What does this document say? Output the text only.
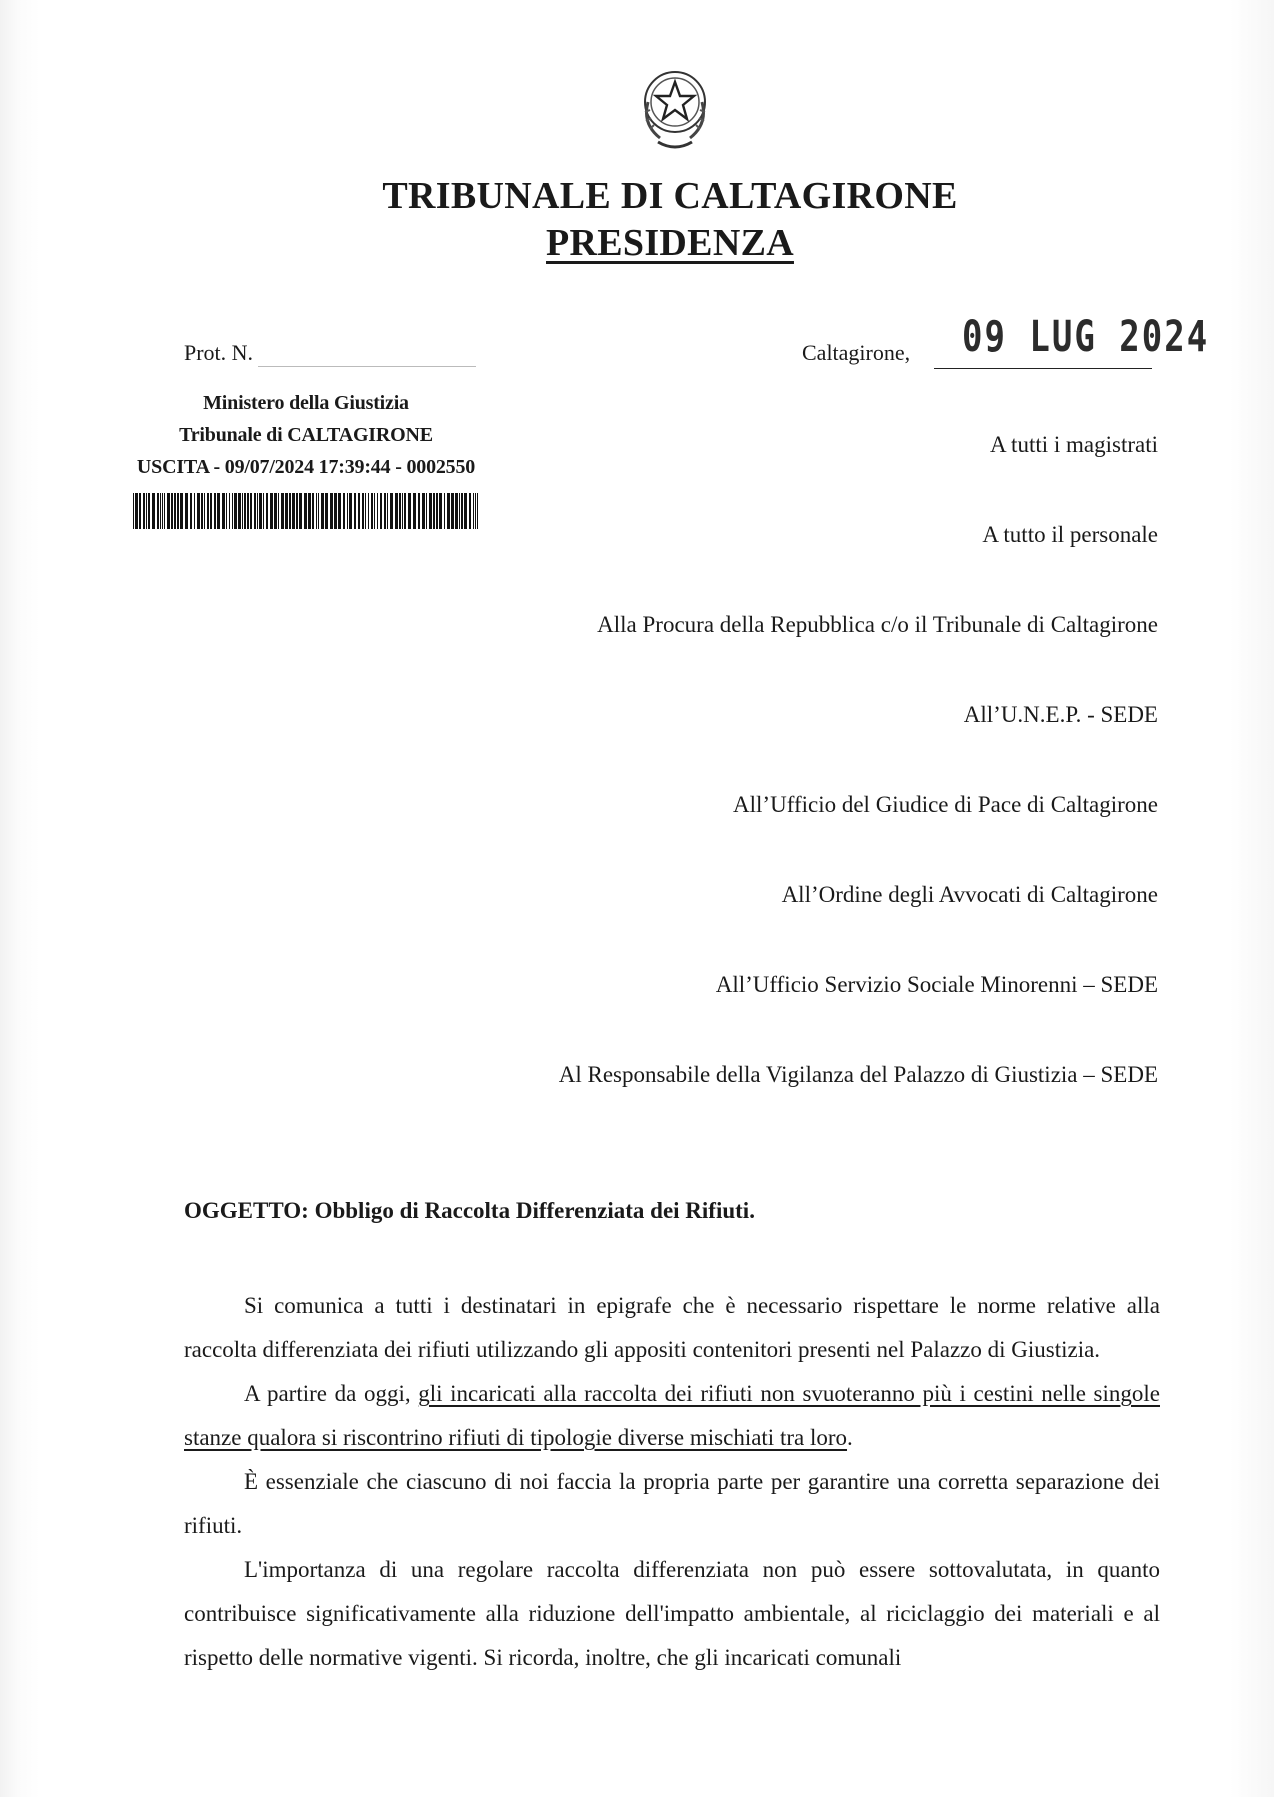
TRIBUNALE DI CALTAGIRONE
PRESIDENZA
Prot. N.
Ministero della Giustizia
Tribunale di CALTAGIRONE
USCITA - 09/07/2024 17:39:44 - 0002550
Caltagirone, 09 LUG 2024
A tutti i magistrati
A tutto il personale
Alla Procura della Repubblica c/o il Tribunale di Caltagirone
All’U.N.E.P. - SEDE
All’Ufficio del Giudice di Pace di Caltagirone
All’Ordine degli Avvocati di Caltagirone
All’Ufficio Servizio Sociale Minorenni – SEDE
Al Responsabile della Vigilanza del Palazzo di Giustizia – SEDE
OGGETTO: Obbligo di Raccolta Differenziata dei Rifiuti.

Si comunica a tutti i destinatari in epigrafe che è necessario rispettare le norme relative alla raccolta differenziata dei rifiuti utilizzando gli appositi contenitori presenti nel Palazzo di Giustizia.

A partire da oggi, gli incaricati alla raccolta dei rifiuti non svuoteranno più i cestini nelle singole stanze qualora si riscontrino rifiuti di tipologie diverse mischiati tra loro.

È essenziale che ciascuno di noi faccia la propria parte per garantire una corretta separazione dei rifiuti.

L'importanza di una regolare raccolta differenziata non può essere sottovalutata, in quanto contribuisce significativamente alla riduzione dell'impatto ambientale, al riciclaggio dei materiali e al rispetto delle normative vigenti. Si ricorda, inoltre, che gli incaricati comunali
